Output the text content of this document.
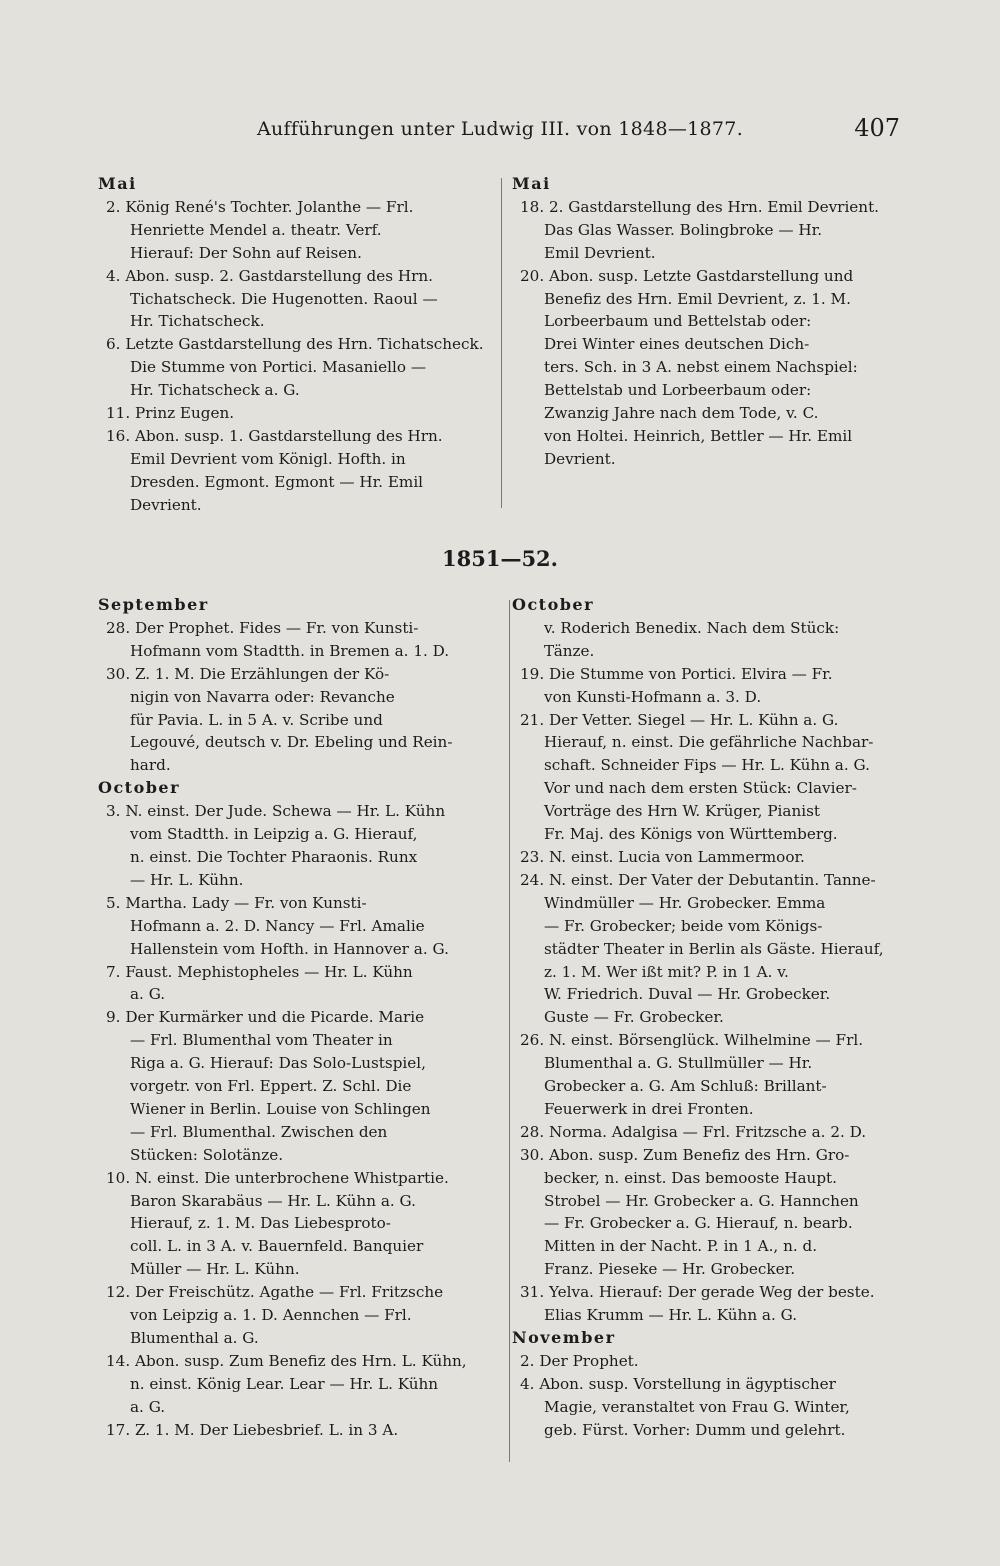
Aufführungen unter Ludwig III. von 1848—1877.	407
Mai
2. König René's Tochter. Jolanthe — Frl.
Henriette Mendel a. theatr. Verf.
Hierauf: Der Sohn auf Reisen.
4. Abon. susp. 2. Gastdarstellung des Hrn.
Tichatscheck. Die Hugenotten. Raoul —
Hr. Tichatscheck.
6. Letzte Gastdarstellung des Hrn. Tichatscheck.
Die Stumme von Portici. Masaniello —
Hr. Tichatscheck a. G.
11. Prinz Eugen.
16. Abon. susp. 1. Gastdarstellung des Hrn.
Emil Devrient vom Königl. Hofth. in
Dresden. Egmont. Egmont — Hr. Emil
Devrient.
Mai
18. 2. Gastdarstellung des Hrn. Emil Devrient.
Das Glas Wasser. Bolingbroke — Hr.
Emil Devrient.
20. Abon. susp. Letzte Gastdarstellung und
Benefiz des Hrn. Emil Devrient, z. 1. M.
Lorbeerbaum und Bettelstab oder:
Drei Winter eines deutschen Dich-
ters. Sch. in 3 A. nebst einem Nachspiel:
Bettelstab und Lorbeerbaum oder:
Zwanzig Jahre nach dem Tode, v. C.
von Holtei. Heinrich, Bettler — Hr. Emil
Devrient.
1851—52.
September
28. Der Prophet. Fides — Fr. von Kunsti-
Hofmann vom Stadtth. in Bremen a. 1. D.
30. Z. 1. M. Die Erzählungen der Kö-
nigin von Navarra oder: Revanche
für Pavia. L. in 5 A. v. Scribe und
Legouvé, deutsch v. Dr. Ebeling und Rein-
hard.
October
3. N. einst. Der Jude. Schewa — Hr. L. Kühn
vom Stadtth. in Leipzig a. G. Hierauf,
n. einst. Die Tochter Pharaonis. Runx
— Hr. L. Kühn.
5. Martha. Lady — Fr. von Kunsti-
Hofmann a. 2. D. Nancy — Frl. Amalie
Hallenstein vom Hofth. in Hannover a. G.
7. Faust. Mephistopheles — Hr. L. Kühn
a. G.
9. Der Kurmärker und die Picarde. Marie
— Frl. Blumenthal vom Theater in
Riga a. G. Hierauf: Das Solo-Lustspiel,
vorgetr. von Frl. Eppert. Z. Schl. Die
Wiener in Berlin. Louise von Schlingen
— Frl. Blumenthal. Zwischen den
Stücken: Solotänze.
10. N. einst. Die unterbrochene Whistpartie.
Baron Skarabäus — Hr. L. Kühn a. G.
Hierauf, z. 1. M. Das Liebesproto-
coll. L. in 3 A. v. Bauernfeld. Banquier
Müller — Hr. L. Kühn.
12. Der Freischütz. Agathe — Frl. Fritzsche
von Leipzig a. 1. D. Aennchen — Frl.
Blumenthal a. G.
14. Abon. susp. Zum Benefiz des Hrn. L. Kühn,
n. einst. König Lear. Lear — Hr. L. Kühn
a. G.
17. Z. 1. M. Der Liebesbrief. L. in 3 A.
October
v. Roderich Benedix. Nach dem Stück:
Tänze.
19. Die Stumme von Portici. Elvira — Fr.
von Kunsti-Hofmann a. 3. D.
21. Der Vetter. Siegel — Hr. L. Kühn a. G.
Hierauf, n. einst. Die gefährliche Nachbar-
schaft. Schneider Fips — Hr. L. Kühn a. G.
Vor und nach dem ersten Stück: Clavier-
Vorträge des Hrn W. Krüger, Pianist
Fr. Maj. des Königs von Württemberg.
23. N. einst. Lucia von Lammermoor.
24. N. einst. Der Vater der Debutantin. Tanne-
Windmüller — Hr. Grobecker. Emma
— Fr. Grobecker; beide vom Königs-
städter Theater in Berlin als Gäste. Hierauf,
z. 1. M. Wer ißt mit? P. in 1 A. v.
W. Friedrich. Duval — Hr. Grobecker.
Guste — Fr. Grobecker.
26. N. einst. Börsenglück. Wilhelmine — Frl.
Blumenthal a. G. Stullmüller — Hr.
Grobecker a. G. Am Schluß: Brillant-
Feuerwerk in drei Fronten.
28. Norma. Adalgisa — Frl. Fritzsche a. 2. D.
30. Abon. susp. Zum Benefiz des Hrn. Gro-
becker, n. einst. Das bemooste Haupt.
Strobel — Hr. Grobecker a. G. Hannchen
— Fr. Grobecker a. G. Hierauf, n. bearb.
Mitten in der Nacht. P. in 1 A., n. d.
Franz. Pieseke — Hr. Grobecker.
31. Yelva. Hierauf: Der gerade Weg der beste.
Elias Krumm — Hr. L. Kühn a. G.
November
2. Der Prophet.
4. Abon. susp. Vorstellung in ägyptischer
Magie, veranstaltet von Frau G. Winter,
geb. Fürst. Vorher: Dumm und gelehrt.
